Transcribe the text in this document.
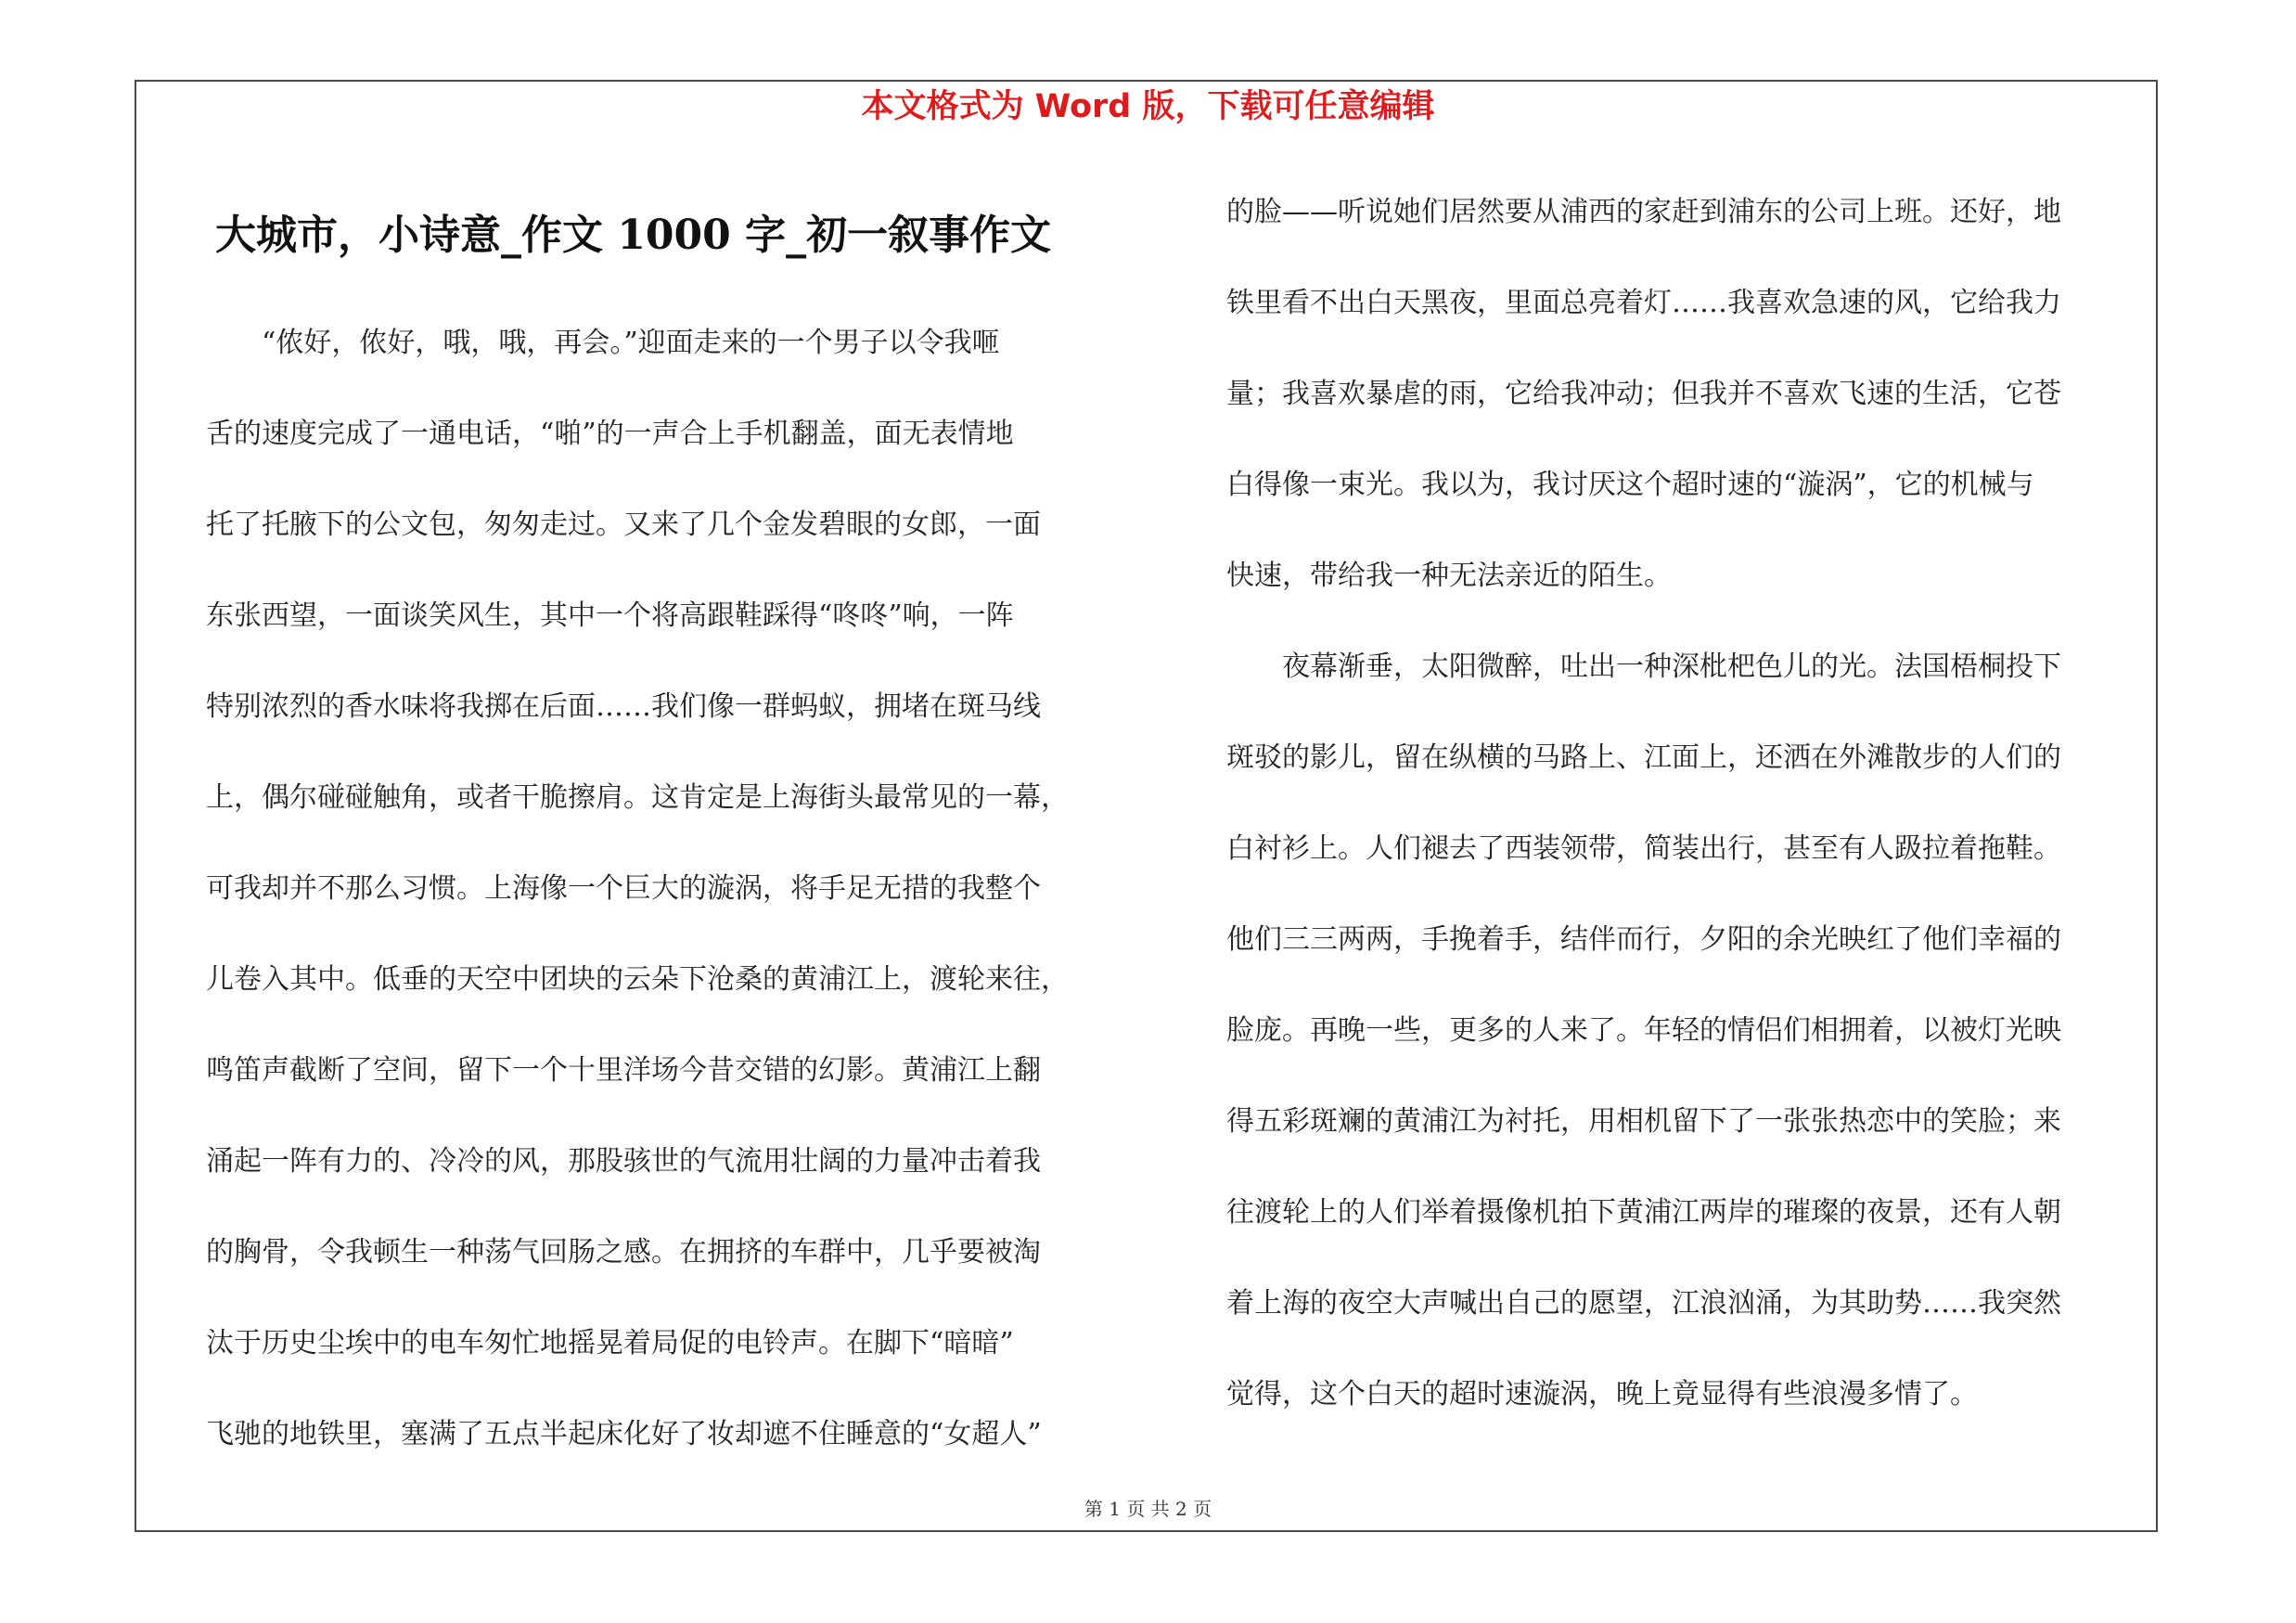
本文格式为 Word 版，下载可任意编辑
大城市，小诗意_作文 1000 字_初一叙事作文
　　“侬好，侬好，哦，哦，再会。”迎面走来的一个男子以令我咂
舌的速度完成了一通电话，“啪”的一声合上手机翻盖，面无表情地
托了托腋下的公文包，匆匆走过。又来了几个金发碧眼的女郎，一面
东张西望，一面谈笑风生，其中一个将高跟鞋踩得“咚咚”响，一阵
特别浓烈的香水味将我掷在后面……我们像一群蚂蚁，拥堵在斑马线
上，偶尔碰碰触角，或者干脆擦肩。这肯定是上海街头最常见的一幕，
可我却并不那么习惯。上海像一个巨大的漩涡，将手足无措的我整个
儿卷入其中。低垂的天空中团块的云朵下沧桑的黄浦江上，渡轮来往，
鸣笛声截断了空间，留下一个十里洋场今昔交错的幻影。黄浦江上翻
涌起一阵有力的、冷冷的风，那股骇世的气流用壮阔的力量冲击着我
的胸骨，令我顿生一种荡气回肠之感。在拥挤的车群中，几乎要被淘
汰于历史尘埃中的电车匆忙地摇晃着局促的电铃声。在脚下“暗暗”
飞驰的地铁里，塞满了五点半起床化好了妆却遮不住睡意的“女超人”
的脸——听说她们居然要从浦西的家赶到浦东的公司上班。还好，地
铁里看不出白天黑夜，里面总亮着灯……我喜欢急速的风，它给我力
量；我喜欢暴虐的雨，它给我冲动；但我并不喜欢飞速的生活，它苍
白得像一束光。我以为，我讨厌这个超时速的“漩涡”，它的机械与
快速，带给我一种无法亲近的陌生。
　　夜幕渐垂，太阳微醉，吐出一种深枇杷色儿的光。法国梧桐投下
斑驳的影儿，留在纵横的马路上、江面上，还洒在外滩散步的人们的
白衬衫上。人们褪去了西装领带，简装出行，甚至有人趿拉着拖鞋。
他们三三两两，手挽着手，结伴而行，夕阳的余光映红了他们幸福的
脸庞。再晚一些，更多的人来了。年轻的情侣们相拥着，以被灯光映
得五彩斑斓的黄浦江为衬托，用相机留下了一张张热恋中的笑脸；来
往渡轮上的人们举着摄像机拍下黄浦江两岸的璀璨的夜景，还有人朝
着上海的夜空大声喊出自己的愿望，江浪汹涌，为其助势……我突然
觉得，这个白天的超时速漩涡，晚上竟显得有些浪漫多情了。
第 1 页 共 2 页
